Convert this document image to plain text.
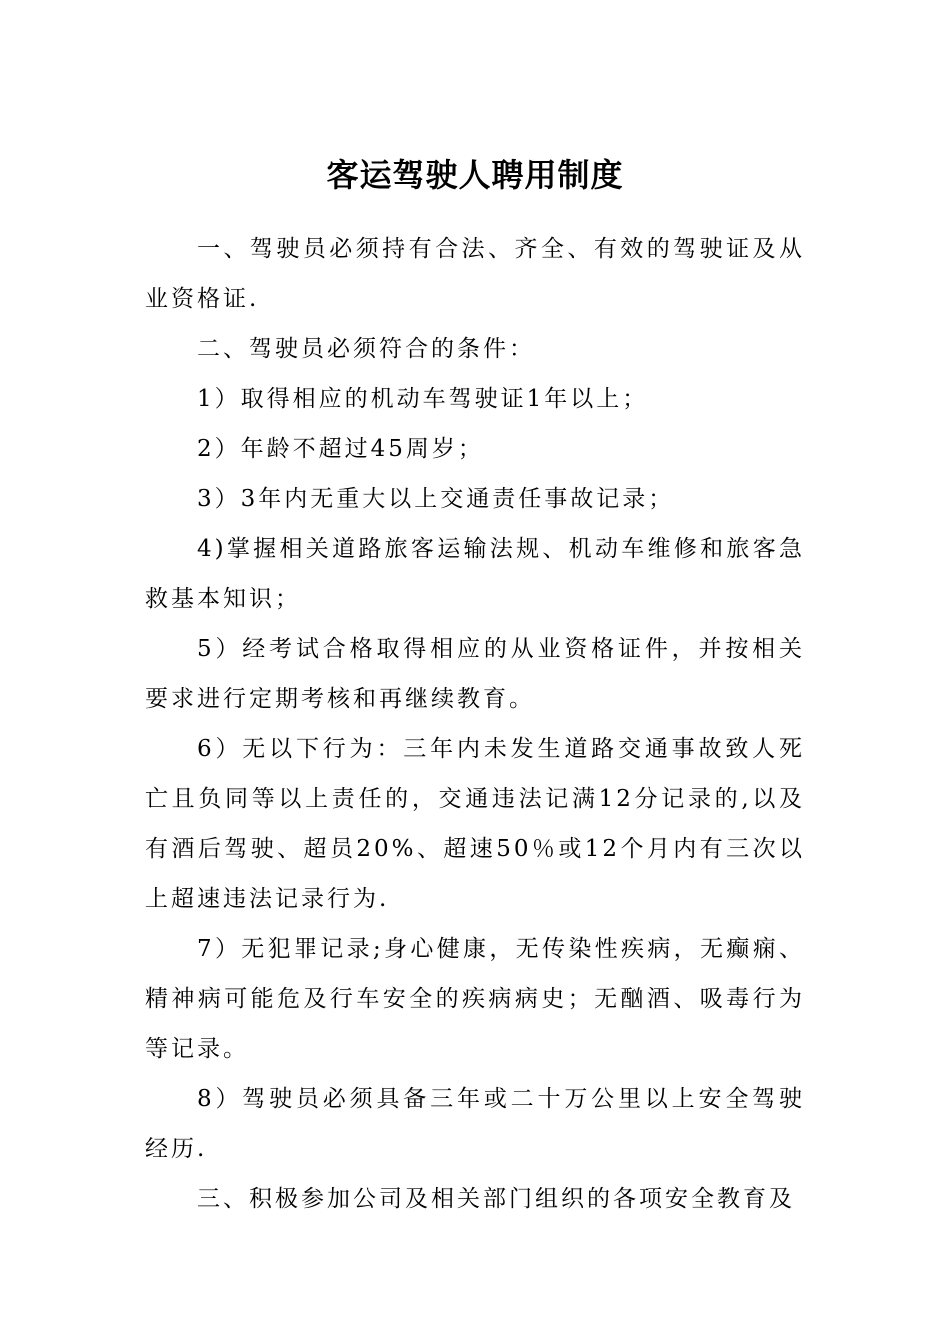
客运驾驶人聘用制度

一、驾驶员必须持有合法、齐全、有效的驾驶证及从业资格证.

二、驾驶员必须符合的条件：

1）取得相应的机动车驾驶证1年以上；

2）年龄不超过45周岁；

3）3年内无重大以上交通责任事故记录；

4)掌握相关道路旅客运输法规、机动车维修和旅客急救基本知识；

5）经考试合格取得相应的从业资格证件，并按相关要求进行定期考核和再继续教育。

6）无以下行为：三年内未发生道路交通事故致人死亡且负同等以上责任的，交通违法记满12分记录的,以及有酒后驾驶、超员20%、超速50％或12个月内有三次以上超速违法记录行为.

7）无犯罪记录;身心健康，无传染性疾病，无癫痫、精神病可能危及行车安全的疾病病史；无酗酒、吸毒行为等记录。

8）驾驶员必须具备三年或二十万公里以上安全驾驶经历.

三、积极参加公司及相关部门组织的各项安全教育及
